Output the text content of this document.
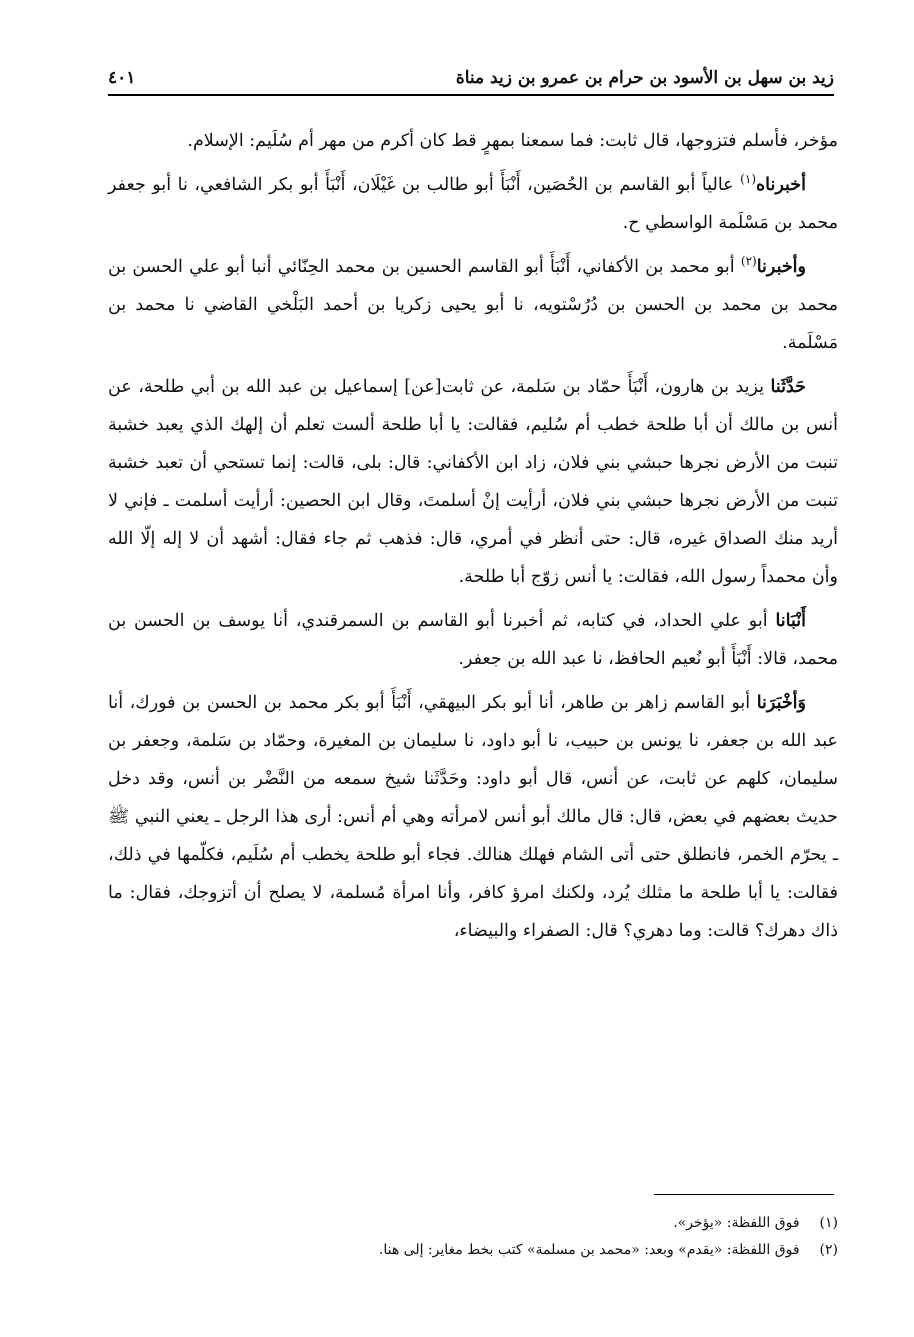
زيد بن سهل بن الأسود بن حرام بن عمرو بن زيد مناة
٤٠١

مؤخر، فأسلم فتزوجها، قال ثابت: فما سمعنا بمهرٍ قط كان أكرم من مهر أم سُلَيم: الإسلام.

أخبرناه$^{(١)}$ عالياً أبو القاسم بن الحُصَين، أَنْبَأَ أبو طالب بن غَيْلَان، أَنْبَأَ أبو بكر الشافعي، نا أبو جعفر محمد بن مَسْلَمة الواسطي ح.

وأخبرنا$^{(٢)}$ أبو محمد بن الأكفاني، أَنْبَأَ أبو القاسم الحسين بن محمد الحِنّائي أنبا أبو علي الحسن بن محمد بن محمد بن الحسن بن دُرُسْتويه، نا أبو يحيى زكريا بن أحمد البَلْخي القاضي نا محمد بن مَسْلَمة.

حَدَّثَنا يزيد بن هارون، أَنْبَأَ حمّاد بن سَلمة، عن ثابت[عن] إسماعيل بن عبد الله بن أبي طلحة، عن أنس بن مالك أن أبا طلحة خطب أم سُليم، فقالت: يا أبا طلحة ألست تعلم أن إلهك الذي يعبد خشبة تنبت من الأرض نجرها حبشي بني فلان، زاد ابن الأكفاني: قال: بلى، قالت: إنما تستحي أن تعبد خشبة تنبت من الأرض نجرها حبشي بني فلان، أرأيت إنْ أسلمتَ، وقال ابن الحصين: أرأيت أسلمت ـ فإني لا أريد منك الصداق غيره، قال: حتى أنظر في أمري، قال: فذهب ثم جاء فقال: أشهد أن لا إله إلّا الله وأن محمداً رسول الله، فقالت: يا أنس زوّج أبا طلحة.

أَنْبَانا أبو علي الحداد، في كتابه، ثم أخبرنا أبو القاسم بن السمرقندي، أنا يوسف بن الحسن بن محمد، قالا: أَنْبَأَ أبو نُعيم الحافظ، نا عبد الله بن جعفر.

وَأخْبَرَنا أبو القاسم زاهر بن طاهر، أنا أبو بكر البيهقي، أَنْبَأَ أبو بكر محمد بن الحسن بن فورك، أنا عبد الله بن جعفر، نا يونس بن حبيب، نا أبو داود، نا سليمان بن المغيرة، وحمّاد بن سَلمة، وجعفر بن سليمان، كلهم عن ثابت، عن أنس، قال أبو داود: وحَدَّثَنا شيخ سمعه من النَّضْر بن أنس، وقد دخل حديث بعضهم في بعض، قال: قال مالك أبو أنس لامرأته وهي أم أنس: أرى هذا الرجل ـ يعني النبي ﷺ ـ يحرّم الخمر، فانطلق حتى أتى الشام فهلك هنالك. فجاء أبو طلحة يخطب أم سُلَيم، فكلّمها في ذلك، فقالت: يا أبا طلحة ما مثلك يُرد، ولكنك امرؤ كافر، وأنا امرأة مُسلمة، لا يصلح أن أتزوجك، فقال: ما ذاك دهرك؟ قالت: وما دهري؟ قال: الصفراء والبيضاء،

(١) فوق اللفظة: «يؤخر».
(٢) فوق اللفظة: «يقدم» وبعد: «محمد بن مسلمة» كتب بخط مغاير: إلى هنا.
